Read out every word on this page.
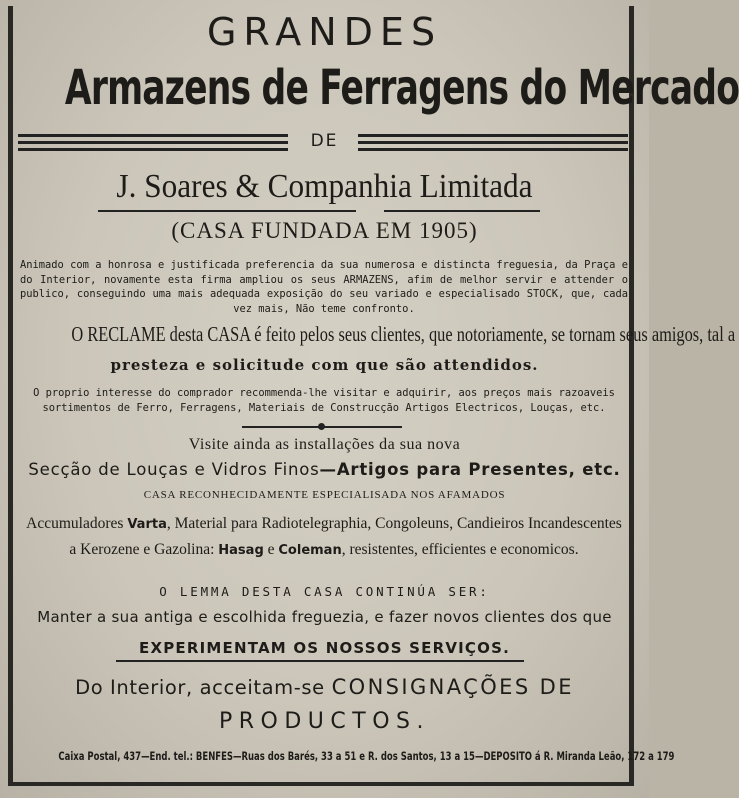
GRANDES
Armazens de Ferragens do Mercado
DE
J. Soares & Companhia Limitada
(CASA FUNDADA EM 1905)
Animado com a honrosa e justificada preferencia da sua numerosa e distincta freguesia, da Praça e do Interior, novamente esta firma ampliou os seus ARMAZENS, afim de melhor servir e attender o publico, conseguindo uma mais adequada exposição do seu variado e especialisado STOCK, que, cada vez mais, Não teme confronto.
O RECLAME desta CASA é feito pelos seus clientes, que notoriamente, se tornam seus amigos, tal a
presteza e solicitude com que são attendidos.
O proprio interesse do comprador recommenda-lhe visitar e adquirir, aos preços mais razoaveis sortimentos de Ferro, Ferragens, Materiais de Construcção Artigos Electricos, Louças, etc.
Visite ainda as installações da sua nova
Secção de Louças e Vidros Finos—Artigos para Presentes, etc.
CASA RECONHECIDAMENTE ESPECIALISADA NOS AFAMADOS
Accumuladores Varta, Material para Radiotelegraphia, Congoleuns, Candieiros Incandescentes a Kerozene e Gazolina: Hasag e Coleman, resistentes, efficientes e economicos.
O LEMMA DESTA CASA CONTINÚA SER:
Manter a sua antiga e escolhida freguezia, e fazer novos clientes dos que
EXPERIMENTAM OS NOSSOS SERVIÇOS.
Do Interior, acceitam-se CONSIGNAÇÕES DE
PRODUCTOS.
Caixa Postal, 437—End. tel.: BENFES—Ruas dos Barés, 33 a 51 e R. dos Santos, 13 a 15—DEPOSITO á R. Miranda Leão, 172 a 179
